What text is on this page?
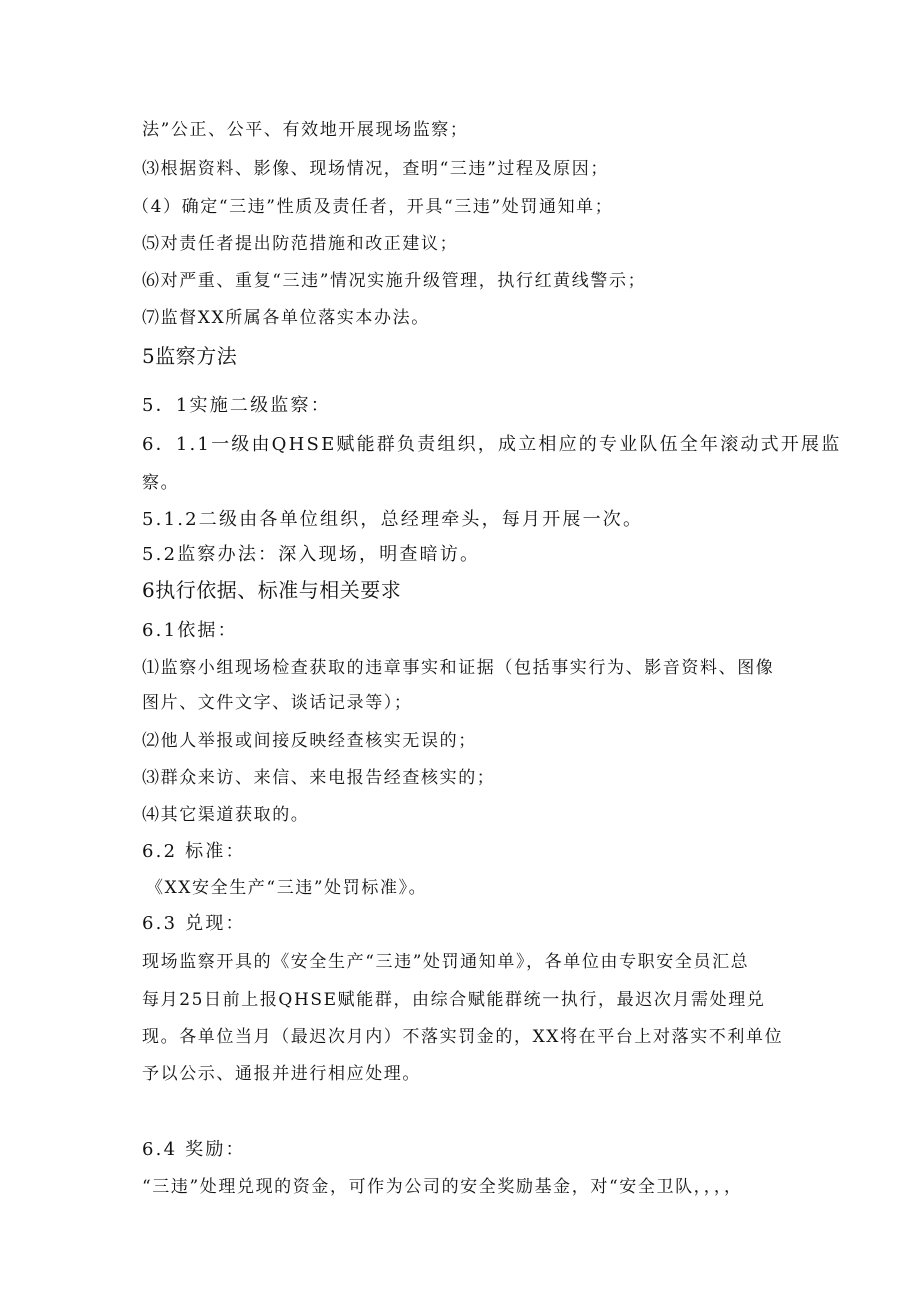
法”公正、公平、有效地开展现场监察；
⑶根据资料、影像、现场情况，查明“三违”过程及原因；
（4）确定“三违”性质及责任者，开具“三违”处罚通知单；
⑸对责任者提出防范措施和改正建议；
⑹对严重、重复“三违”情况实施升级管理，执行红黄线警示；
⑺监督XX所属各单位落实本办法。
5监察方法
5．1实施二级监察：
6．1.1一级由QHSE赋能群负责组织，成立相应的专业队伍全年滚动式开展监
察。
5.1.2二级由各单位组织，总经理牵头，每月开展一次。
5.2监察办法：深入现场，明查暗访。
6执行依据、标准与相关要求
6.1依据：
⑴监察小组现场检查获取的违章事实和证据（包括事实行为、影音资料、图像
图片、文件文字、谈话记录等）；
⑵他人举报或间接反映经查核实无误的；
⑶群众来访、来信、来电报告经查核实的；
⑷其它渠道获取的。
6.2 标准：
《XX安全生产“三违”处罚标准》。
6.3 兑现：
现场监察开具的《安全生产“三违”处罚通知单》，各单位由专职安全员汇总
每月25日前上报QHSE赋能群，由综合赋能群统一执行，最迟次月需处理兑
现。各单位当月（最迟次月内）不落实罚金的，XX将在平台上对落实不利单位
予以公示、通报并进行相应处理。
6.4 奖励：
“三违”处理兑现的资金，可作为公司的安全奖励基金，对“安全卫队，，，，
